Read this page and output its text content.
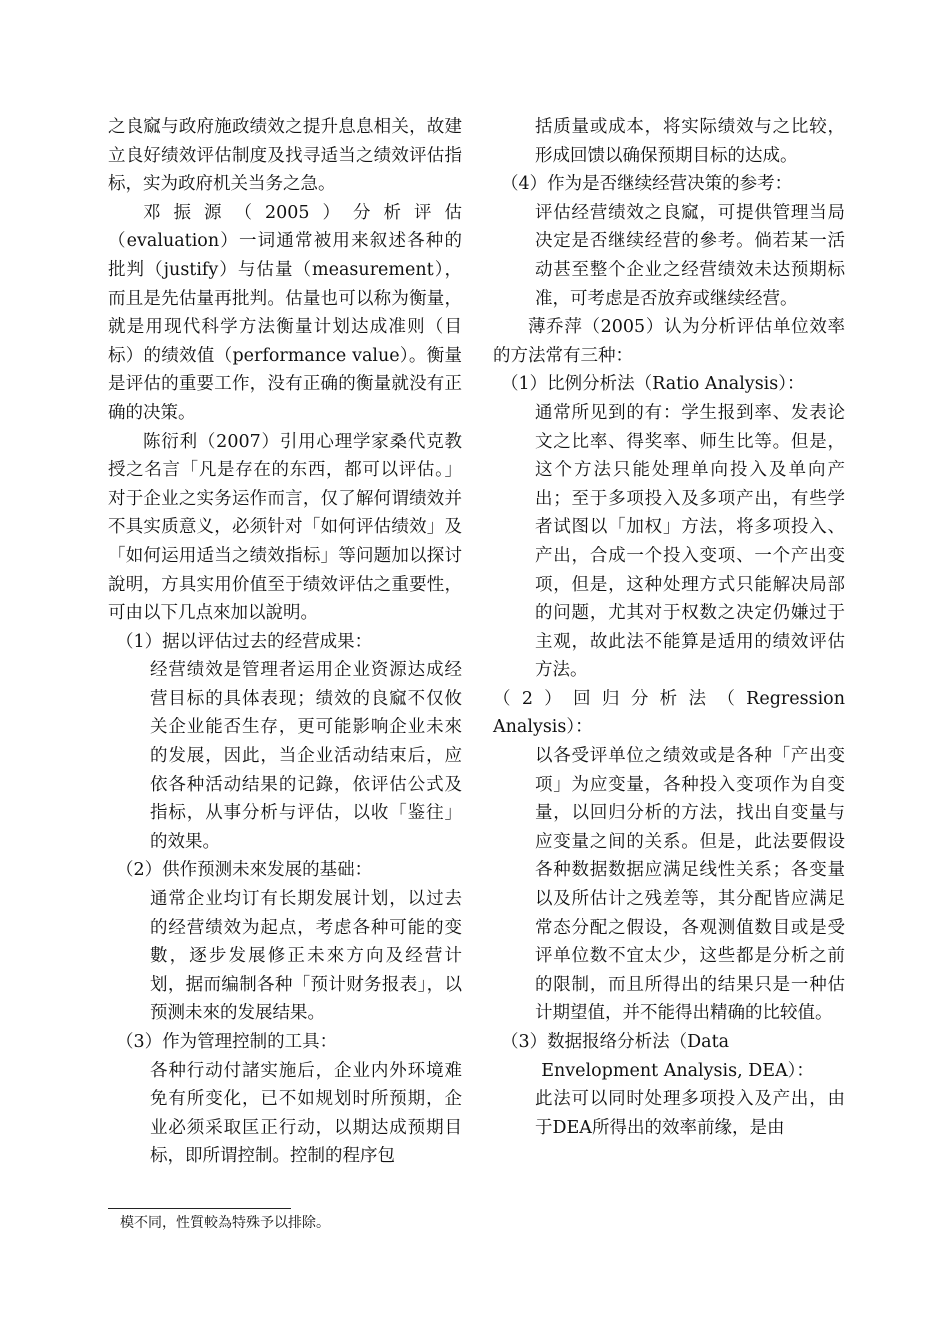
之良窳与政府施政绩效之提升息息相关，故建立良好绩效评估制度及找寻适当之绩效评估指标，实为政府机关当务之急。

邓振源（2005）分析评估（evaluation）一词通常被用来叙述各种的批判（justify）与估量（measurement），而且是先估量再批判。估量也可以称为衡量，就是用现代科学方法衡量计划达成准则（目标）的绩效值（performance value）。衡量是评估的重要工作，没有正确的衡量就没有正确的决策。

陈衍利（2007）引用心理学家桑代克教授之名言「凡是存在的东西，都可以评估。」对于企业之实务运作而言，仅了解何谓绩效并不具实质意义，必须针对「如何评估绩效」及「如何运用适当之绩效指标」等问题加以探讨說明，方具实用价值至于绩效评估之重要性，可由以下几点來加以說明。

（1）据以评估过去的经营成果：
经营绩效是管理者运用企业资源达成经营目标的具体表现；绩效的良窳不仅攸关企业能否生存，更可能影响企业未來的发展，因此，当企业活动结束后，应依各种活动结果的记錄，依评估公式及指标，从事分析与评估，以收「鉴往」的效果。
（2）供作预测未來发展的基础：
通常企业均订有长期发展计划，以过去的经营绩效为起点，考虑各种可能的变數，逐步发展修正未來方向及经营计划，据而编制各种「预计财务报表」，以预测未來的发展结果。
（3）作为管理控制的工具：
各种行动付諸实施后，企业内外环境难免有所变化，已不如规划时所预期，企业必须采取匡正行动，以期达成预期目标，即所谓控制。控制的程序包
括质量或成本，将实际绩效与之比较，形成回馈以确保预期目标的达成。
（4）作为是否继续经营决策的参考：
评估经营绩效之良窳，可提供管理当局决定是否继续经营的參考。倘若某一活动甚至整个企业之经营绩效未达预期标准，可考虑是否放弃或继续经营。

薄乔萍（2005）认为分析评估单位效率的方法常有三种：

（1）比例分析法（Ratio Analysis）：
通常所见到的有：学生报到率、发表论文之比率、得奖率、师生比等。但是，这个方法只能处理单向投入及单向产出；至于多项投入及多项产出，有些学者试图以「加权」方法，将多项投入、产出，合成一个投入变项、一个产出变项，但是，这种处理方式只能解决局部的问题，尤其对于权数之决定仍嫌过于主观，故此法不能算是适用的绩效评估方法。
（2）回归分析法（Regression Analysis）：
以各受评单位之绩效或是各种「产出变项」为应变量，各种投入变项作为自变量，以回归分析的方法，找出自变量与应变量之间的关系。但是，此法要假设各种数据数据应满足线性关系；各变量以及所估计之残差等，其分配皆应满足常态分配之假设，各观测值数目或是受评单位数不宜太少，这些都是分析之前的限制，而且所得出的结果只是一种估计期望值，并不能得出精确的比较值。
（3）数据报络分析法（Data Envelopment Analysis, DEA）：
此法可以同时处理多项投入及产出，由于DEA所得出的效率前缘，是由
模不同，性質較為特殊予以排除。
